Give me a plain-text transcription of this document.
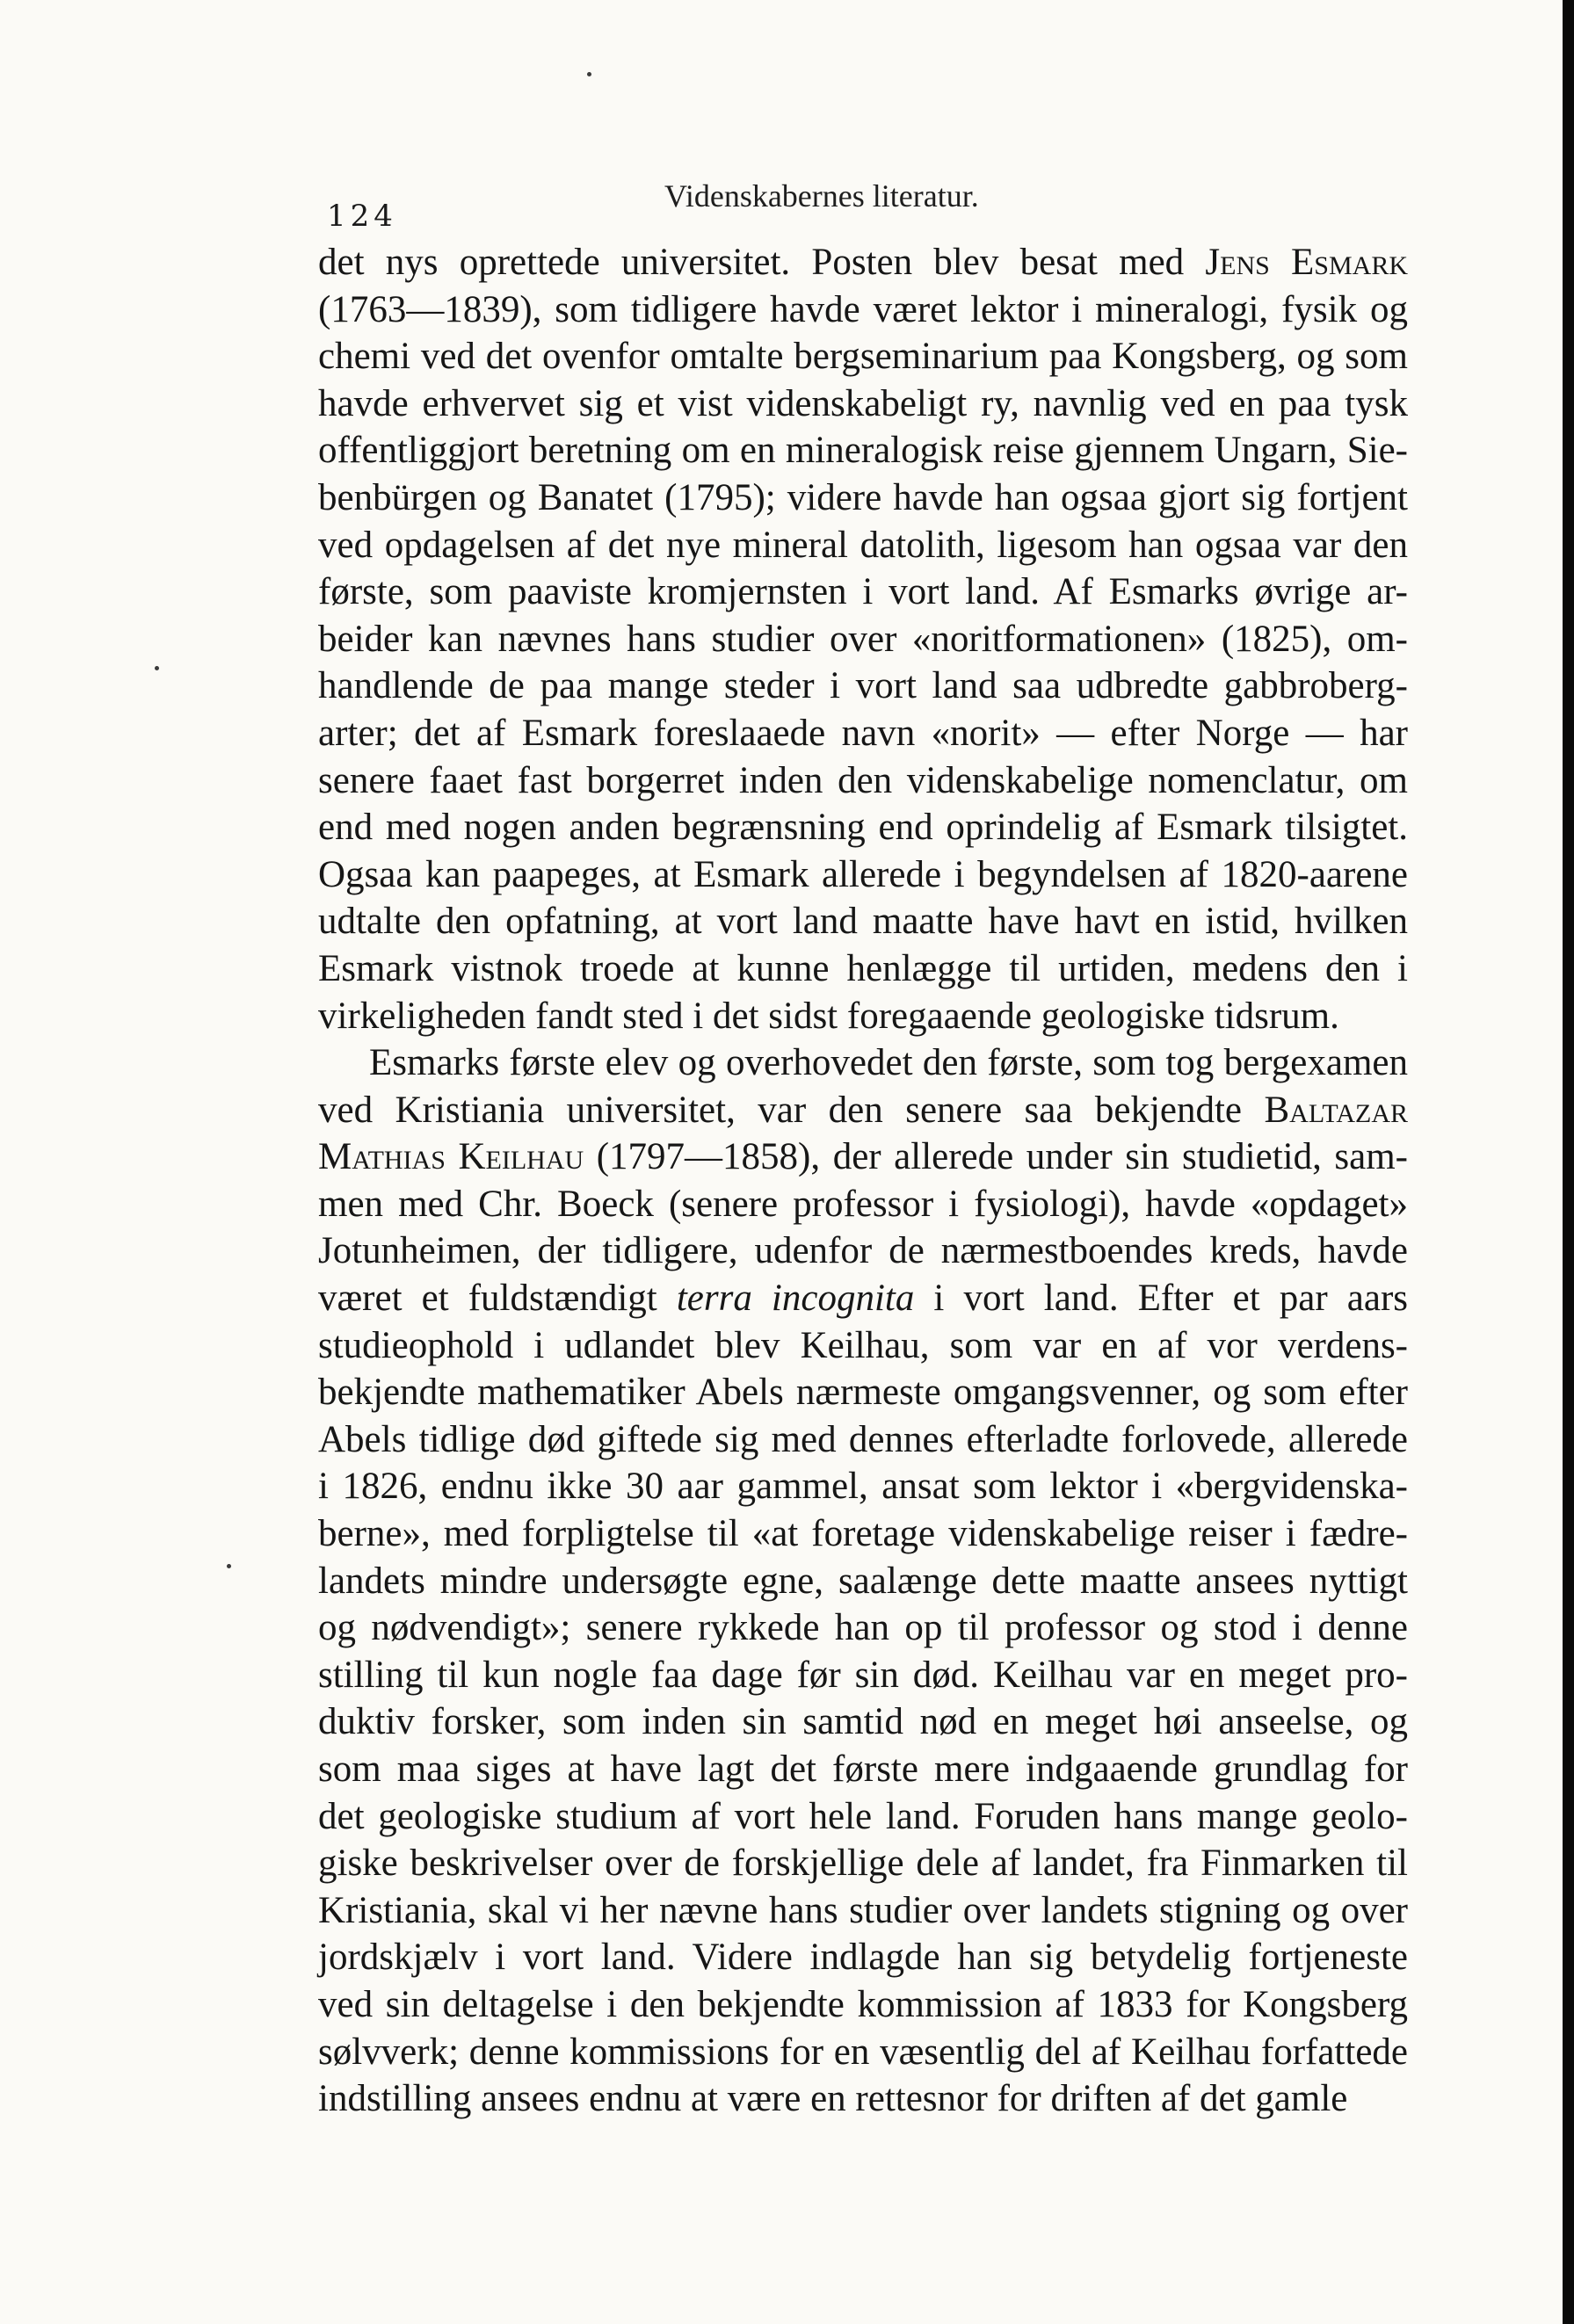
124
Videnskabernes literatur.
det nys oprettede universitet. Posten blev besat med Jens Esmark
(1763—1839), som tidligere havde været lektor i mineralogi, fysik og
chemi ved det ovenfor omtalte bergseminarium paa Kongsberg, og som
havde erhvervet sig et vist videnskabeligt ry, navnlig ved en paa tysk
offentliggjort beretning om en mineralogisk reise gjennem Ungarn, Sie-
benbürgen og Banatet (1795); videre havde han ogsaa gjort sig fortjent
ved opdagelsen af det nye mineral datolith, ligesom han ogsaa var den
første, som paaviste kromjernsten i vort land. Af Esmarks øvrige ar-
beider kan nævnes hans studier over «noritformationen» (1825), om-
handlende de paa mange steder i vort land saa udbredte gabbroberg-
arter; det af Esmark foreslaaede navn «norit» — efter Norge — har
senere faaet fast borgerret inden den videnskabelige nomenclatur, om
end med nogen anden begrænsning end oprindelig af Esmark tilsigtet.
Ogsaa kan paapeges, at Esmark allerede i begyndelsen af 1820-aarene
udtalte den opfatning, at vort land maatte have havt en istid, hvilken
Esmark vistnok troede at kunne henlægge til urtiden, medens den i
virkeligheden fandt sted i det sidst foregaaende geologiske tidsrum.
Esmarks første elev og overhovedet den første, som tog bergexamen
ved Kristiania universitet, var den senere saa bekjendte Baltazar
Mathias Keilhau (1797—1858), der allerede under sin studietid, sam-
men med Chr. Boeck (senere professor i fysiologi), havde «opdaget»
Jotunheimen, der tidligere, udenfor de nærmestboendes kreds, havde
været et fuldstændigt terra incognita i vort land. Efter et par aars
studieophold i udlandet blev Keilhau, som var en af vor verdens-
bekjendte mathematiker Abels nærmeste omgangsvenner, og som efter
Abels tidlige død giftede sig med dennes efterladte forlovede, allerede
i 1826, endnu ikke 30 aar gammel, ansat som lektor i «bergvidenska-
berne», med forpligtelse til «at foretage videnskabelige reiser i fædre-
landets mindre undersøgte egne, saalænge dette maatte ansees nyttigt
og nødvendigt»; senere rykkede han op til professor og stod i denne
stilling til kun nogle faa dage før sin død. Keilhau var en meget pro-
duktiv forsker, som inden sin samtid nød en meget høi anseelse, og
som maa siges at have lagt det første mere indgaaende grundlag for
det geologiske studium af vort hele land. Foruden hans mange geolo-
giske beskrivelser over de forskjellige dele af landet, fra Finmarken til
Kristiania, skal vi her nævne hans studier over landets stigning og over
jordskjælv i vort land. Videre indlagde han sig betydelig fortjeneste
ved sin deltagelse i den bekjendte kommission af 1833 for Kongsberg
sølvverk; denne kommissions for en væsentlig del af Keilhau forfattede
indstilling ansees endnu at være en rettesnor for driften af det gamle
